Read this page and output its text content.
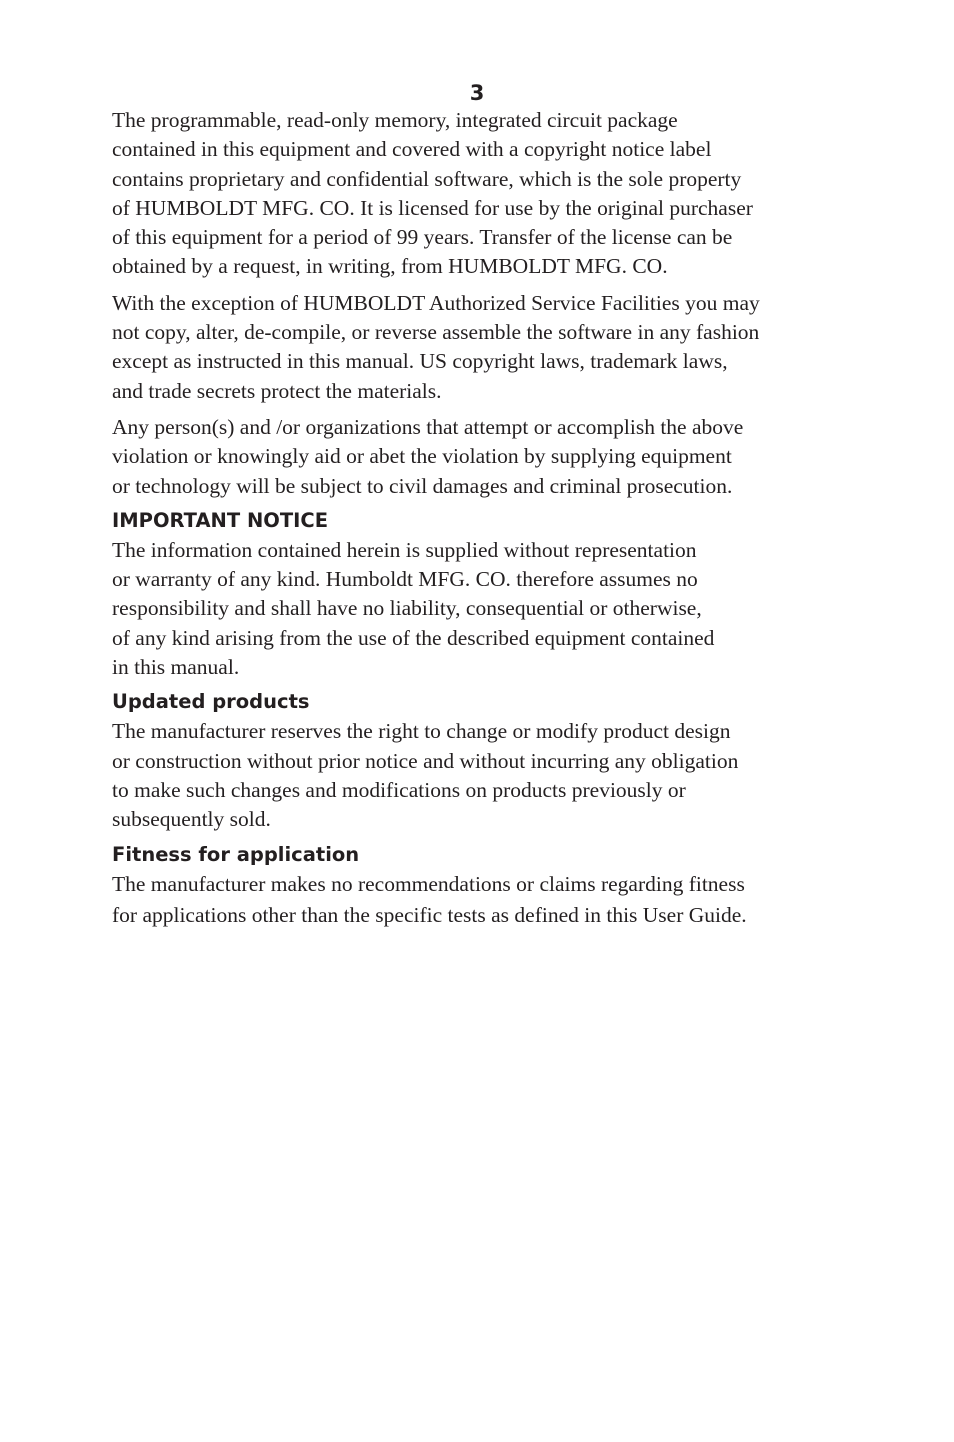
3
The programmable, read-only memory, integrated circuit package
contained in this equipment and covered with a copyright notice label
contains proprietary and confidential software, which is the sole property
of HUMBOLDT MFG. CO. It is licensed for use by the original purchaser
of this equipment for a period of 99 years. Transfer of the license can be
obtained by a request, in writing, from HUMBOLDT MFG. CO.
With the exception of HUMBOLDT Authorized Service Facilities you may
not copy, alter, de-compile, or reverse assemble the software in any fashion
except as instructed in this manual. US copyright laws, trademark laws,
and trade secrets protect the materials.
Any person(s) and /or organizations that attempt or accomplish the above
violation or knowingly aid or abet the violation by supplying equipment
or technology will be subject to civil damages and criminal prosecution.
IMPORTANT NOTICE
The information contained herein is supplied without representation
or warranty of any kind. Humboldt MFG. CO. therefore assumes no
responsibility and shall have no liability, consequential or otherwise,
of any kind arising from the use of the described equipment contained
in this manual.
Updated products
The manufacturer reserves the right to change or modify product design
or construction without prior notice and without incurring any obligation
to make such changes and modifications on products previously or
subsequently sold.
Fitness for application
The manufacturer makes no recommendations or claims regarding fitness
for applications other than the specific tests as defined in this User Guide.
